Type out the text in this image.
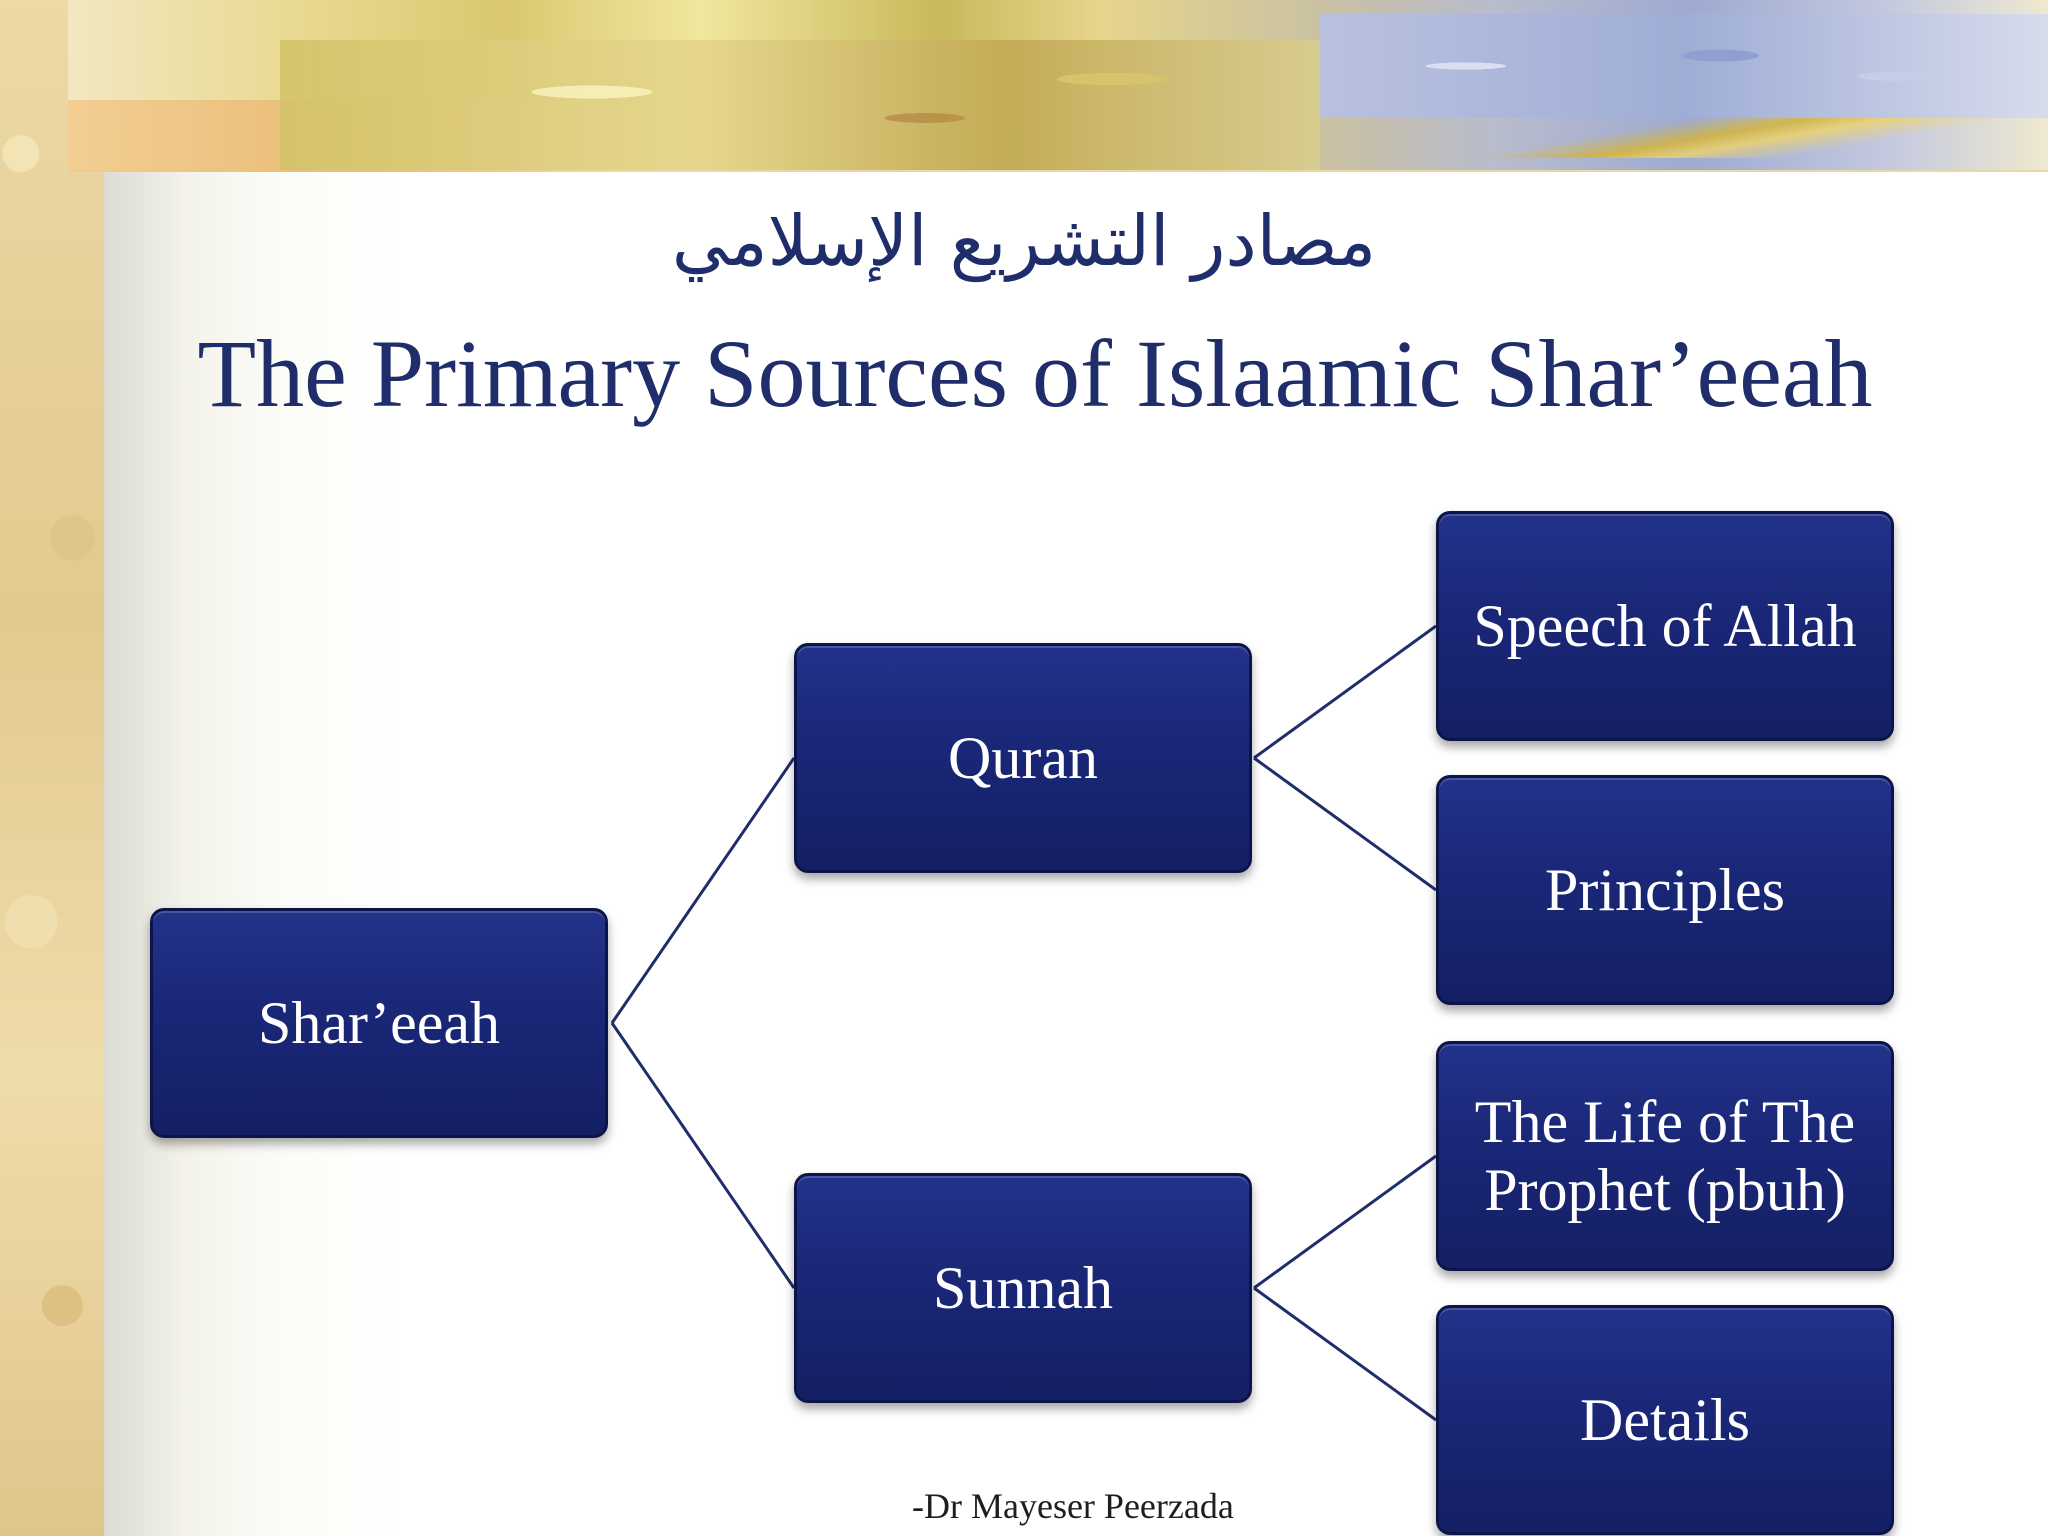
مصادر التشريع الإسلامي
The Primary Sources of Islaamic Shar’eeah
Shar’eeah
Quran
Sunnah
Speech of Allah
Principles
The Life of The Prophet (pbuh)
Details
-Dr Mayeser Peerzada
